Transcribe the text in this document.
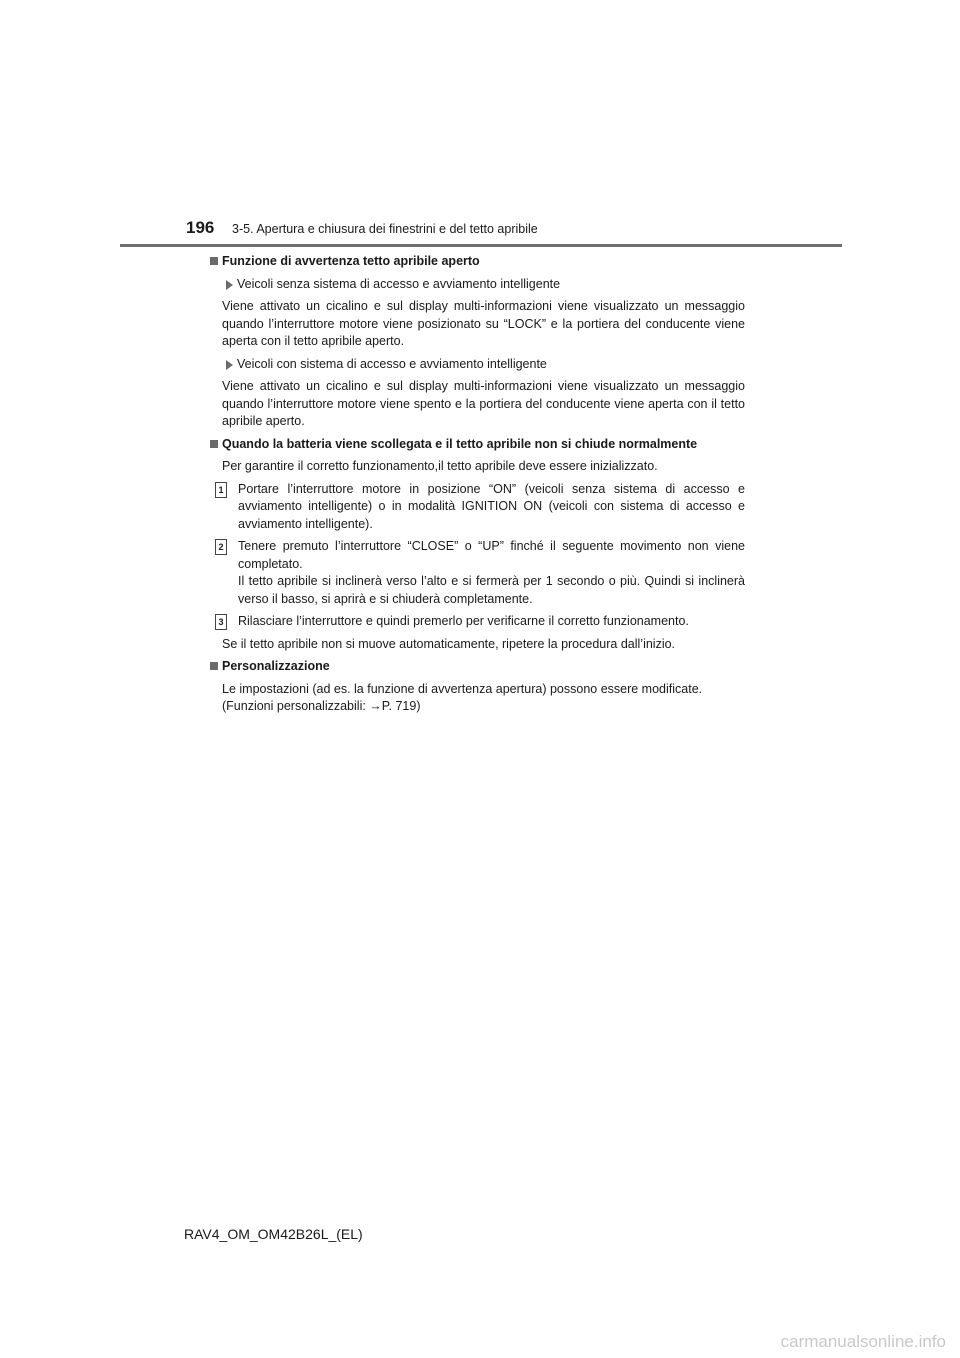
196 3-5. Apertura e chiusura dei finestrini e del tetto apribile
Funzione di avvertenza tetto apribile aperto
Veicoli senza sistema di accesso e avviamento intelligente
Viene attivato un cicalino e sul display multi-informazioni viene visualizzato un messaggio quando l’interruttore motore viene posizionato su “LOCK” e la portiera del conducente viene aperta con il tetto apribile aperto.
Veicoli con sistema di accesso e avviamento intelligente
Viene attivato un cicalino e sul display multi-informazioni viene visualizzato un messaggio quando l’interruttore motore viene spento e la portiera del conducente viene aperta con il tetto apribile aperto.
Quando la batteria viene scollegata e il tetto apribile non si chiude normalmente
Per garantire il corretto funzionamento,il tetto apribile deve essere inizializzato.
1 Portare l’interruttore motore in posizione “ON” (veicoli senza sistema di accesso e avviamento intelligente) o in modalità IGNITION ON (veicoli con sistema di accesso e avviamento intelligente).
2 Tenere premuto l’interruttore “CLOSE” o “UP” finché il seguente movimento non viene completato.
Il tetto apribile si inclinerà verso l’alto e si fermerà per 1 secondo o più. Quindi si inclinerà verso il basso, si aprirà e si chiuderà completamente.
3 Rilasciare l’interruttore e quindi premerlo per verificarne il corretto funzionamento.
Se il tetto apribile non si muove automaticamente, ripetere la procedura dall’inizio.
Personalizzazione
Le impostazioni (ad es. la funzione di avvertenza apertura) possono essere modificate.
(Funzioni personalizzabili: →P. 719)
RAV4_OM_OM42B26L_(EL)
carmanualsonline.info
